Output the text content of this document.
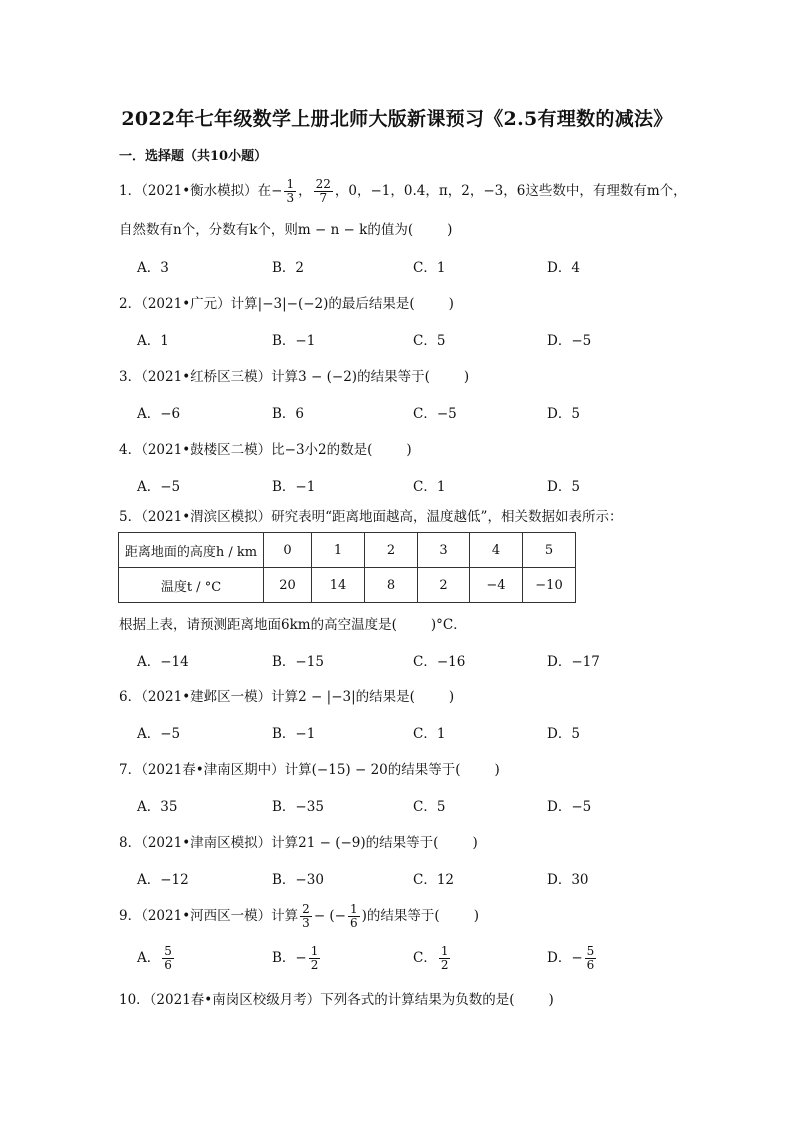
2022年七年级数学上册北师大版新课预习《2.5有理数的减法》
一．选择题（共10小题）
1．（2021•衡水模拟）在− $\frac{1}{3}$ ， $\frac{22}{7}$ ，0，−1，0.4，π，2，−3，6这些数中，有理数有m个，
自然数有n个，分数有k个，则m − n − k的值为(	)
A．3	B．2	C．1	D．4
2．（2021•广元）计算|−3|−(−2)的最后结果是(	)
A．1	B．−1	C．5	D．−5
3．（2021•红桥区三模）计算3 − (−2)的结果等于(	)
A．−6	B．6	C．−5	D．5
4．（2021•鼓楼区二模）比−3小2的数是(	)
A．−5	B．−1	C．1	D．5
5．（2021•渭滨区模拟）研究表明“距离地面越高，温度越低”，相关数据如表所示：
距离地面的高度h / km	0	1	2	3	4	5
温度t / °C	20	14	8	2	−4	−10
根据上表，请预测距离地面6km的高空温度是(	)°C．
A．−14	B．−15	C．−16	D．−17
6．（2021•建邺区一模）计算2 − |−3|的结果是(	)
A．−5	B．−1	C．1	D．5
7．（2021春•津南区期中）计算(−15) − 20的结果等于(	)
A．35	B．−35	C．5	D．−5
8．（2021•津南区模拟）计算21 − (−9)的结果等于(	)
A．−12	B．−30	C．12	D．30
9．（2021•河西区一模）计算 $\frac{2}{3}$ − (− $\frac{1}{6}$ )的结果等于(	)
A． $\frac{5}{6}$	B．− $\frac{1}{2}$	C． $\frac{1}{2}$	D．− $\frac{5}{6}$
10．（2021春•南岗区校级月考）下列各式的计算结果为负数的是(	)
